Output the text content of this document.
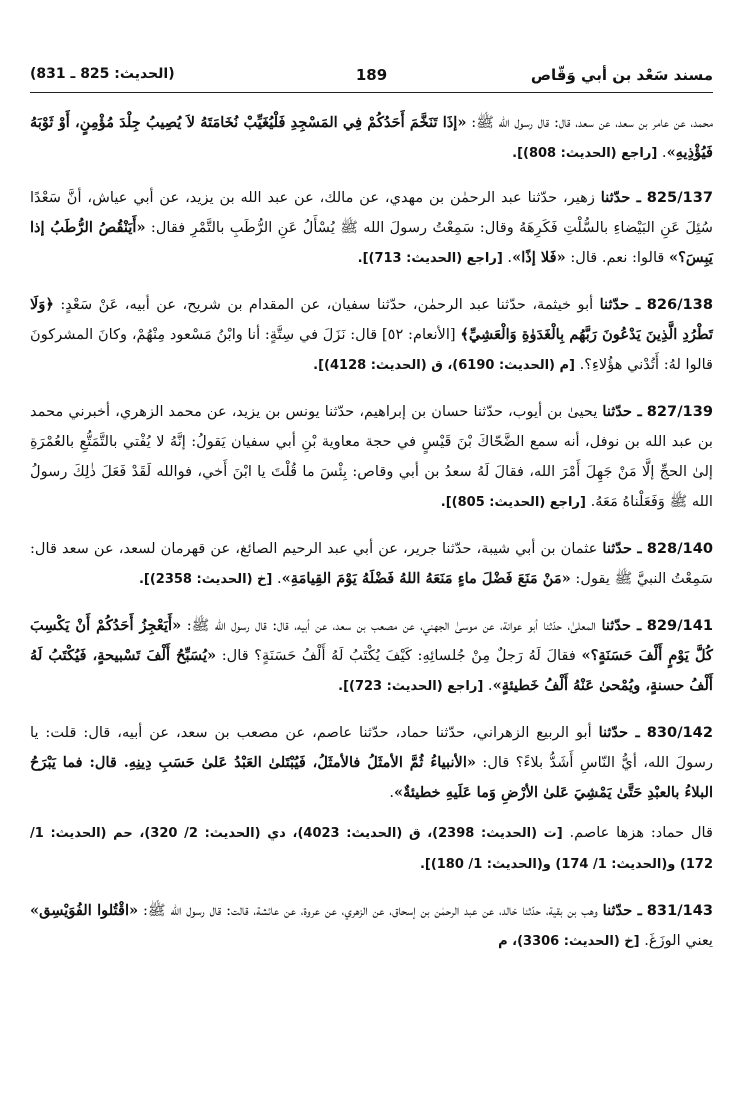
مسند سَعْد بن أبي وَقّاص
189
(الحديث: 825 ـ 831)

محمد، عن عامر بن سعد، عن سعد، قال: قال رسول الله ﷺ: «إذَا تَنَخَّمَ أَحَدُكُمْ فِي المَسْجِدِ فَلْيُغَيِّبْ نُخَامَتَهُ لاَ يُصِيبُ جِلْدَ مُؤْمِنٍ، أَوْ ثَوْبَهُ فَيُؤْذِيهِ». [راجع (الحديث: 808)].

825/137 ـ حدّثنا زهير، حدّثنا عبد الرحمٰن بن مهدي، عن مالك، عن عبد الله بن يزيد، عن أبي عياش، أنَّ سَعْدًا سُئِلَ عَنِ البَيْضاءِ بالسُّلْتِ فَكَرِهَهُ وقال: سَمِعْتُ رسولَ الله ﷺ يُسْأَلُ عَنِ الرُّطَبِ بالتَّمْرِ فقال: «أَيَنْقُصُ الرُّطَبُ إذا يَبِسَ؟» قالوا: نعم. قال: «فَلا إذًا». [راجع (الحديث: 713)].

826/138 ـ حدّثنا أبو خيثمة، حدّثنا عبد الرحمٰن، حدّثنا سفيان، عن المقدام بن شريح، عن أبيه، عَنْ سَعْدٍ: ﴿وَلَا تَطْرُدِ الَّذِينَ يَدْعُونَ رَبَّهُم بِالْغَدَوٰةِ وَالْعَشِيِّ﴾ [الأنعام: ٥٢] قال: نَزَلَ في سِتَّةٍ: أنا وابْنُ مَسْعود مِنْهُمْ، وكانَ المشركونَ قالوا لهُ: أَتُدْني هؤُلاءِ؟. [م (الحديث: 6190)، ق (الحديث: 4128)].

827/139 ـ حدّثنا يحيىٰ بن أيوب، حدّثنا حسان بن إبراهيم، حدّثنا يونس بن يزيد، عن محمد الزهري، أخبرني محمد بن عبد الله بن نوفل، أنه سمع الضَّحّاكَ بْنَ قَيْسٍ في حجة معاوية بْنِ أبي سفيان يَقولُ: إنَّهُ لا يُفْتي بالتَّمَتُّعِ بالعُمْرَةِ إلىٰ الحجِّ إلَّا مَنْ جَهِلَ أَمْرَ الله، فقالَ لَهُ سعدُ بن أبي وقاص: بِئْسَ ما قُلْتَ يا ابْنَ أَخي، فوالله لَقَدْ فَعَلَ ذٰلِكَ رسولُ الله ﷺ وَفَعَلْناهُ مَعَهُ. [راجع (الحديث: 805)].

828/140 ـ حدّثنا عثمان بن أبي شيبة، حدّثنا جرير، عن أبي عبد الرحيم الصائغ، عن قهرمان لسعد، عن سعد قال: سَمِعْتُ النبيَّ ﷺ يقول: «مَنْ مَنَعَ فَضْلَ ماءٍ مَنَعَهُ اللهُ فَضْلَهُ يَوْمَ القِيامَةِ». [خ (الحديث: 2358)].

829/141 ـ حدّثنا المعلىٰ، حدّثنا أبو عوانة، عن موسىٰ الجهني، عن مصعب بن سعد، عن أبيه، قال: قال رسول الله ﷺ: «أَيَعْجِزُ أَحَدُكُمْ أَنْ يَكْسِبَ كُلَّ يَوْمٍ أَلْفَ حَسَنَةٍ؟» فقالَ لَهُ رَجلٌ مِنْ جُلسائِهِ: كَيْفَ يُكْتَبُ لَهُ أَلْفُ حَسَنَةٍ؟ قال: «يُسَبِّحُ أَلْفَ تَسْبيحةٍ، فَيُكْتَبُ لَهُ أَلْفُ حسنةٍ، ويُمْحىٰ عَنْهُ أَلْفُ خَطيئةٍ». [راجع (الحديث: 723)].

830/142 ـ حدّثنا أبو الربيع الزهراني، حدّثنا حماد، حدّثنا عاصم، عن مصعب بن سعد، عن أبيه، قال: قلت: يا رسولَ الله، أيُّ النّاسِ أَشَدُّ بلاءً؟ قال: «الأنبياءُ ثُمَّ الأمثَلُ فالأمثَلُ، فَيُبْتَلىٰ العَبْدُ عَلىٰ حَسَبِ دِينِهِ. قال: فما يَبْرَحُ البلاءُ بالعبْدِ حَتَّىٰ يَمْشِيَ عَلىٰ الأرْضِ وَما عَلَيهِ خطيئةٌ».

قال حماد: هزها عاصم. [ت (الحديث: 2398)، ق (الحديث: 4023)، دي (الحديث: 2/ 320)، حم (الحديث: 1/ 172) و(الحديث: 1/ 174) و(الحديث: 1/ 180)].

831/143 ـ حدّثنا وهب بن بقية، حدّثنا خالد، عن عبد الرحمٰن بن إسحاق، عن الزهري، عن عروة، عن عائشة، قالت: قال رسول الله ﷺ: «اقْتُلوا الفُوَيْسِق» يعني الوزَغَ. [خ (الحديث: 3306)، م
